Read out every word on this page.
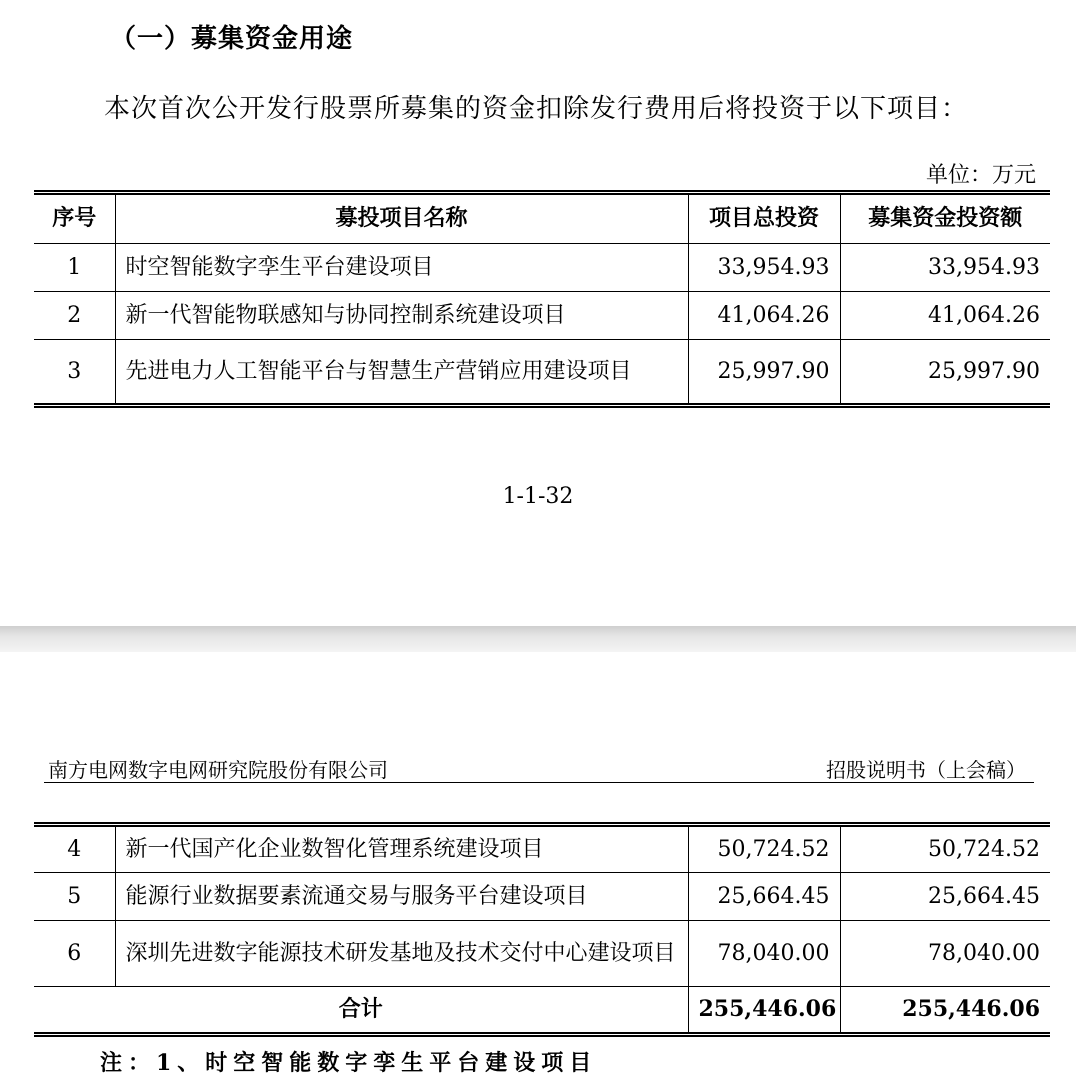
（一）募集资金用途
本次首次公开发行股票所募集的资金扣除发行费用后将投资于以下项目：
单位：万元
序号	募投项目名称	项目总投资	募集资金投资额
1	时空智能数字孪生平台建设项目	33,954.93	33,954.93
2	新一代智能物联感知与协同控制系统建设项目	41,064.26	41,064.26
3	先进电力人工智能平台与智慧生产营销应用建设项目	25,997.90	25,997.90
1-1-32
南方电网数字电网研究院股份有限公司	招股说明书（上会稿）
4	新一代国产化企业数智化管理系统建设项目	50,724.52	50,724.52
5	能源行业数据要素流通交易与服务平台建设项目	25,664.45	25,664.45
6	深圳先进数字能源技术研发基地及技术交付中心建设项目	78,040.00	78,040.00
合计		255,446.06	255,446.06
注：1、时空智能数字孪生平台建设项目
